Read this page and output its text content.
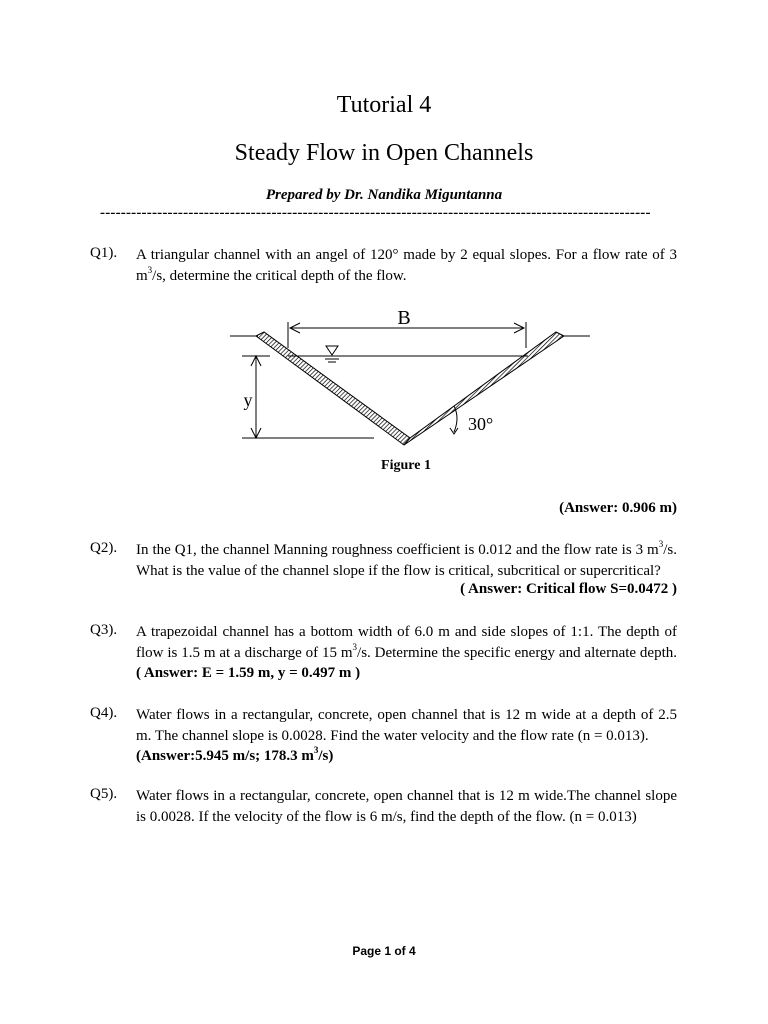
Tutorial 4
Steady Flow in Open Channels
Prepared by Dr. Nandika Miguntanna
----------------------------------------------------------------------------------------------------------
Q1). A triangular channel with an angel of 120° made by 2 equal slopes. For a flow rate of 3 $m^3/s$, determine the critical depth of the flow.
B
y
30°
Figure 1
(Answer: 0.906 m)
Q2). In the Q1, the channel Manning roughness coefficient is 0.012 and the flow rate is 3 $m^3/s$. What is the value of the channel slope if the flow is critical, subcritical or supercritical?
( Answer: Critical flow S=0.0472 )
Q3). A trapezoidal channel has a bottom width of 6.0 m and side slopes of 1:1. The depth of flow is 1.5 m at a discharge of 15 $m^3/s$. Determine the specific energy and alternate depth. ( Answer: E = 1.59 m, y = 0.497 m )
Q4). Water flows in a rectangular, concrete, open channel that is 12 m wide at a depth of 2.5 m. The channel slope is 0.0028. Find the water velocity and the flow rate (n = 0.013).
(Answer:5.945 m/s; 178.3 $m^3/s$)
Q5). Water flows in a rectangular, concrete, open channel that is 12 m wide.The channel slope is 0.0028. If the velocity of the flow is 6 m/s, find the depth of the flow. (n = 0.013)
Page 1 of 4
